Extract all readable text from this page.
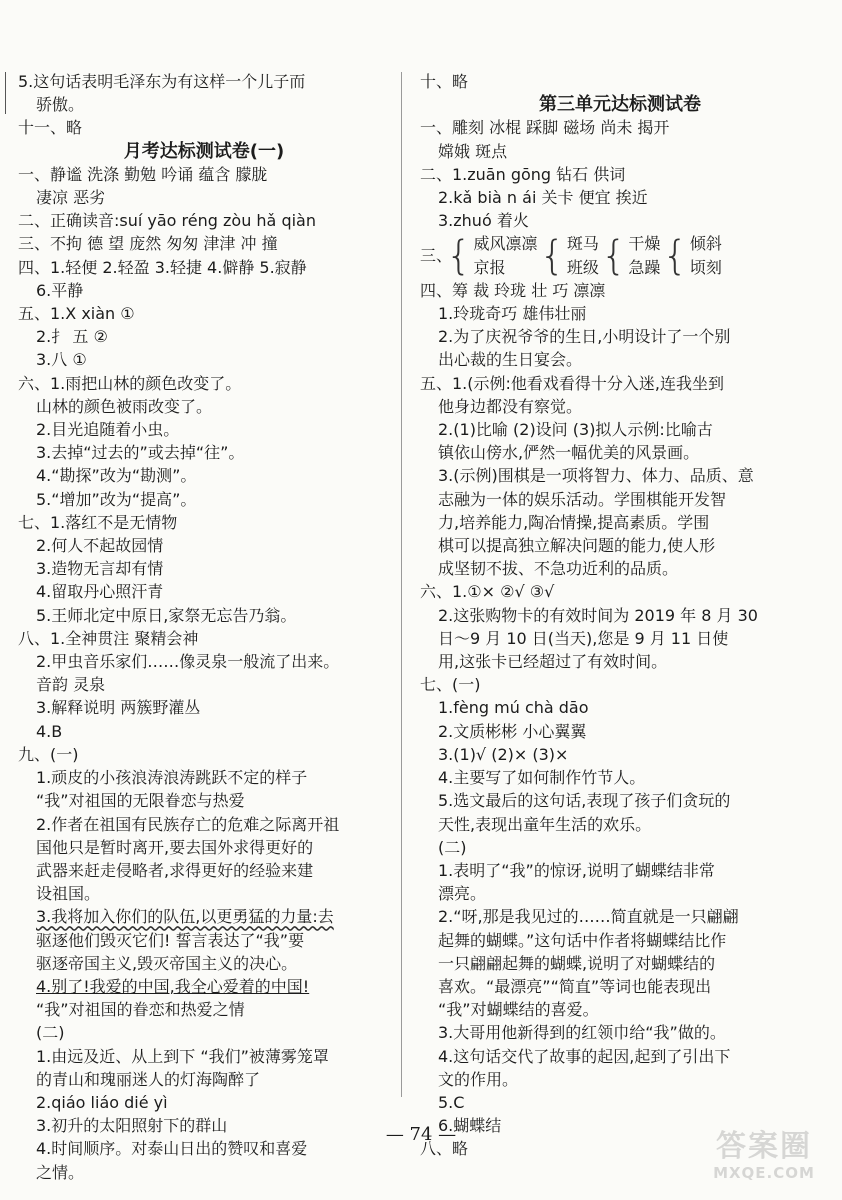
5.这句话表明毛泽东为有这样一个儿子而
骄傲。
十一、略
月考达标测试卷(一)
一、静谧 洗涤 勤勉 吟诵 蕴含 朦胧
凄凉 恶劣
二、正确读音:suí yāo réng zòu hǎ qiàn
三、不拘 德 望 庞然 匆匆 津津 冲 撞
四、1.轻便 2.轻盈 3.轻捷 4.僻静 5.寂静
6.平静
五、1.X xiàn ①
2.扌 五 ②
3.八 ①
六、1.雨把山林的颜色改变了。
山林的颜色被雨改变了。
2.目光追随着小虫。
3.去掉“过去的”或去掉“往”。
4.“勘探”改为“勘测”。
5.“增加”改为“提高”。
七、1.落红不是无情物
2.何人不起故园情
3.造物无言却有情
4.留取丹心照汗青
5.王师北定中原日,家祭无忘告乃翁。
八、1.全神贯注 聚精会神
2.甲虫音乐家们……像灵泉一般流了出来。
音韵 灵泉
3.解释说明 两簇野灌丛
4.B
九、(一)
1.顽皮的小孩浪涛浪涛跳跃不定的样子
“我”对祖国的无限眷恋与热爱
2.作者在祖国有民族存亡的危难之际离开祖
国他只是暂时离开,要去国外求得更好的
武器来赶走侵略者,求得更好的经验来建
设祖国。
3.我将加入你们的队伍,以更勇猛的力量:去
驱逐他们毁灭它们! 誓言表达了“我”要
驱逐帝国主义,毁灭帝国主义的决心。
4.别了!我爱的中国,我全心爱着的中国!
“我”对祖国的眷恋和热爱之情
(二)
1.由远及近、从上到下 “我们”被薄雾笼罩
的青山和瑰丽迷人的灯海陶醉了
2.qiáo liáo dié yì
3.初升的太阳照射下的群山
4.时间顺序。对泰山日出的赞叹和喜爱
之情。
十、略
第三单元达标测试卷
一、雕刻 冰棍 踩脚 磁场 尚未 揭开
嫦娥 斑点
二、1.zuān gōng 钻石 供词
2.kǎ bià n ái 关卡 便宜 挨近
3.zhuó 着火
三、
{ 威风凛凛
京报 { 斑马
班级 { 干燥
急躁 { 倾斜
顷刻
四、筹 裁 玲珑 壮 巧 凛凛
1.玲珑奇巧 雄伟壮丽
2.为了庆祝爷爷的生日,小明设计了一个别
出心裁的生日宴会。
五、1.(示例:他看戏看得十分入迷,连我坐到
他身边都没有察觉。
2.(1)比喻 (2)设问 (3)拟人示例:比喻古
镇依山傍水,俨然一幅优美的风景画。
3.(示例)围棋是一项将智力、体力、品质、意
志融为一体的娱乐活动。学围棋能开发智
力,培养能力,陶冶情操,提高素质。学围
棋可以提高独立解决问题的能力,使人形
成坚韧不拔、不急功近利的品质。
六、1.①× ②√ ③√
2.这张购物卡的有效时间为 2019 年 8 月 30
日～9 月 10 日(当天),您是 9 月 11 日使
用,这张卡已经超过了有效时间。
七、(一)
1.fèng mú chà dāo
2.文质彬彬 小心翼翼
3.(1)√ (2)× (3)×
4.主要写了如何制作竹节人。
5.选文最后的这句话,表现了孩子们贪玩的
天性,表现出童年生活的欢乐。
(二)
1.表明了“我”的惊讶,说明了蝴蝶结非常
漂亮。
2.“呀,那是我见过的……简直就是一只翩翩
起舞的蝴蝶。”这句话中作者将蝴蝶结比作
一只翩翩起舞的蝴蝶,说明了对蝴蝶结的
喜欢。“最漂亮”“简直”等词也能表现出
“我”对蝴蝶结的喜爱。
3.大哥用他新得到的红领巾给“我”做的。
4.这句话交代了故事的起因,起到了引出下
文的作用。
5.C
6.蝴蝶结
八、略
— 74 —	答案圈
MXQE.COM
